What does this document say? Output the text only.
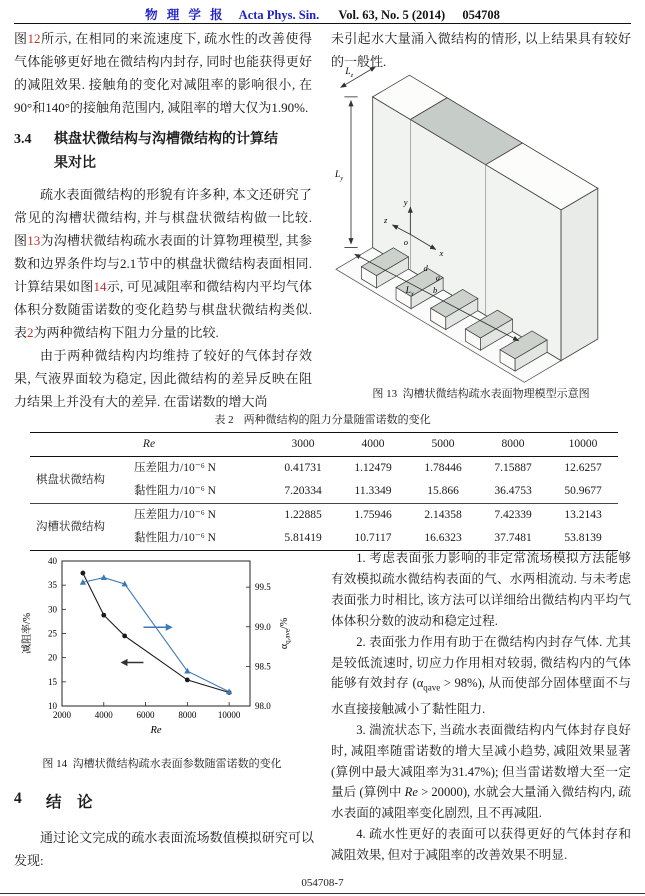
物 理 学 报 Acta Phys. Sin. Vol. 63, No. 5 (2014) 054708

图12所示, 在相同的来流速度下, 疏水性的改善使得气体能够更好地在微结构内封存, 同时也能获得更好的减阻效果. 接触角的变化对减阻率的影响很小, 在90°和140°的接触角范围内, 减阻率的增大仅为1.90%.

3.4	棋盘状微结构与沟槽微结构的计算结果对比

疏水表面微结构的形貌有许多种, 本文还研究了常见的沟槽状微结构, 并与棋盘状微结构做一比较. 图13为沟槽状微结构疏水表面的计算物理模型, 其参数和边界条件均与2.1节中的棋盘状微结构表面相同. 计算结果如图14示, 可见减阻率和微结构内平均气体体积分数随雷诺数的变化趋势与棋盘状微结构类似. 表2为两种微结构下阻力分量的比较.

由于两种微结构内均维持了较好的气体封存效果, 气液界面较为稳定, 因此微结构的差异反映在阻力结果上并没有大的差异. 在雷诺数的增大尚

未引起水大量涌入微结构的情形, 以上结果具有较好的一般性.

$L_z$
$L_y$
$L_x$
y
x
z
o
d
a
b
图 13 沟槽状微结构疏水表面物理模型示意图
表 2 两种微结构的阻力分量随雷诺数的变化
Re		3000	4000	5000	8000	10000
棋盘状微结构	压差阻力/10⁻⁶ N	0.41731	1.12479	1.78446	7.15887	12.6257
	黏性阻力/10⁻⁶ N	7.20334	11.3349	15.866	36.4753	50.9677
沟槽状微结构	压差阻力/10⁻⁶ N	1.22885	1.75946	2.14358	7.42339	13.2143
	黏性阻力/10⁻⁶ N	5.81419	10.7117	16.6323	37.7481	53.8139
10
15
20
25
30
35
40
98.0
98.5
99.0
99.5
2000	4000	6000	8000 10000
减阻率/%	$\alpha_{q,ave}/\%$
Re
图 14 沟槽状微结构疏水表面参数随雷诺数的变化
4	结　论

通过论文完成的疏水表面流场数值模拟研究可以发现:

1. 考虑表面张力影响的非定常流场模拟方法能够有效模拟疏水微结构表面的气、水两相流动. 与未考虑表面张力时相比, 该方法可以详细给出微结构内平均气体体积分数的波动和稳定过程.

2. 表面张力作用有助于在微结构内封存气体. 尤其是较低流速时, 切应力作用相对较弱, 微结构内的气体能够有效封存 $(\alpha_{qave} > 98\%)$, 从而使部分固体壁面不与水直接接触减小了黏性阻力.

3. 湍流状态下, 当疏水表面微结构内气体封存良好时, 减阻率随雷诺数的增大呈减小趋势, 减阻效果显著 (算例中最大减阻率为31.47%); 但当雷诺数增大至一定量后 (算例中 Re > 20000), 水就会大量涌入微结构内, 疏水表面的减阻率变化剧烈, 且不再减阻.

4. 疏水性更好的表面可以获得更好的气体封存和减阻效果, 但对于减阻率的改善效果不明显.

054708-7
